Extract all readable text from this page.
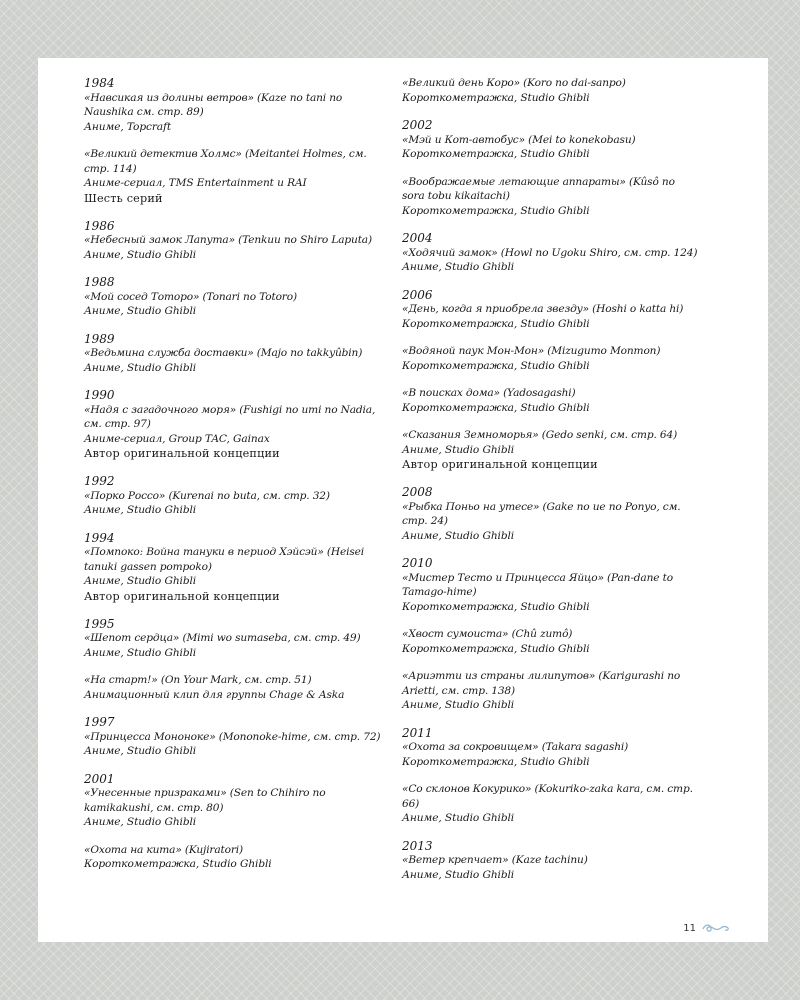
1984
«Навсикая из долины ветров» (Kaze no tani no Naushika см. стр. 89)
Аниме, Topcraft
«Великий детектив Холмс» (Meitantei Holmes, см. стр. 114)
Аниме-сериал, TMS Entertainment и RAI
Шесть серий
1986
«Небесный замок Лапута» (Tenkuu no Shiro Laputa)
Аниме, Studio Ghibli
1988
«Мой сосед Тоторо» (Tonari no Totoro)
Аниме, Studio Ghibli
1989
«Ведьмина служба доставки» (Majo no takkyûbin)
Аниме, Studio Ghibli
1990
«Надя с загадочного моря» (Fushigi no umi no Nadia, см. стр. 97)
Аниме-сериал, Group TAC, Gainax
Автор оригинальной концепции
1992
«Порко Россо» (Kurenai no buta, см. стр. 32)
Аниме, Studio Ghibli
1994
«Помпоко: Война тануки в период Хэйсэй» (Heisei tanuki gassen pompoko)
Аниме, Studio Ghibli
Автор оригинальной концепции
1995
«Шепот сердца» (Mimi wo sumaseba, см. стр. 49)
Аниме, Studio Ghibli
«На старт!» (On Your Mark, см. стр. 51)
Анимационный клип для группы Chage & Aska
1997
«Принцесса Мононоке» (Mononoke-hime, см. стр. 72)
Аниме, Studio Ghibli
2001
«Унесенные призраками» (Sen to Chihiro no kamikakushi, см. стр. 80)
Аниме, Studio Ghibli
«Охота на кита» (Kujiratori)
Короткометражка, Studio Ghibli
«Великий день Коро» (Koro no dai-sanpo)
Короткометражка, Studio Ghibli
2002
«Мэй и Кот-автобус» (Mei to konekobasu)
Короткометражка, Studio Ghibli
«Воображаемые летающие аппараты» (Kûsô no sora tobu kikaitachi)
Короткометражка, Studio Ghibli
2004
«Ходячий замок» (Howl no Ugoku Shiro, см. стр. 124)
Аниме, Studio Ghibli
2006
«День, когда я приобрела звезду» (Hoshi o katta hi)
Короткометражка, Studio Ghibli
«Водяной паук Мон-Мон» (Mizugumo Monmon)
Короткометражка, Studio Ghibli
«В поисках дома» (Yadosagashi)
Короткометражка, Studio Ghibli
«Сказания Земноморья» (Gedo senki, см. стр. 64)
Аниме, Studio Ghibli
Автор оригинальной концепции
2008
«Рыбка Поньо на утесе» (Gake no ue no Ponyo, см. стр. 24)
Аниме, Studio Ghibli
2010
«Мистер Тесто и Принцесса Яйцо» (Pan-dane to Tamago-hime)
Короткометражка, Studio Ghibli
«Хвост сумоиста» (Chû zumô)
Короткометражка, Studio Ghibli
«Ариэтти из страны лилипутов» (Karigurashi no Arietti, см. стр. 138)
Аниме, Studio Ghibli
2011
«Охота за сокровищем» (Takara sagashi)
Короткометражка, Studio Ghibli
«Со склонов Кокурико» (Kokuriko-zaka kara, см. стр. 66)
Аниме, Studio Ghibli
2013
«Ветер крепчает» (Kaze tachinu)
Аниме, Studio Ghibli
11
